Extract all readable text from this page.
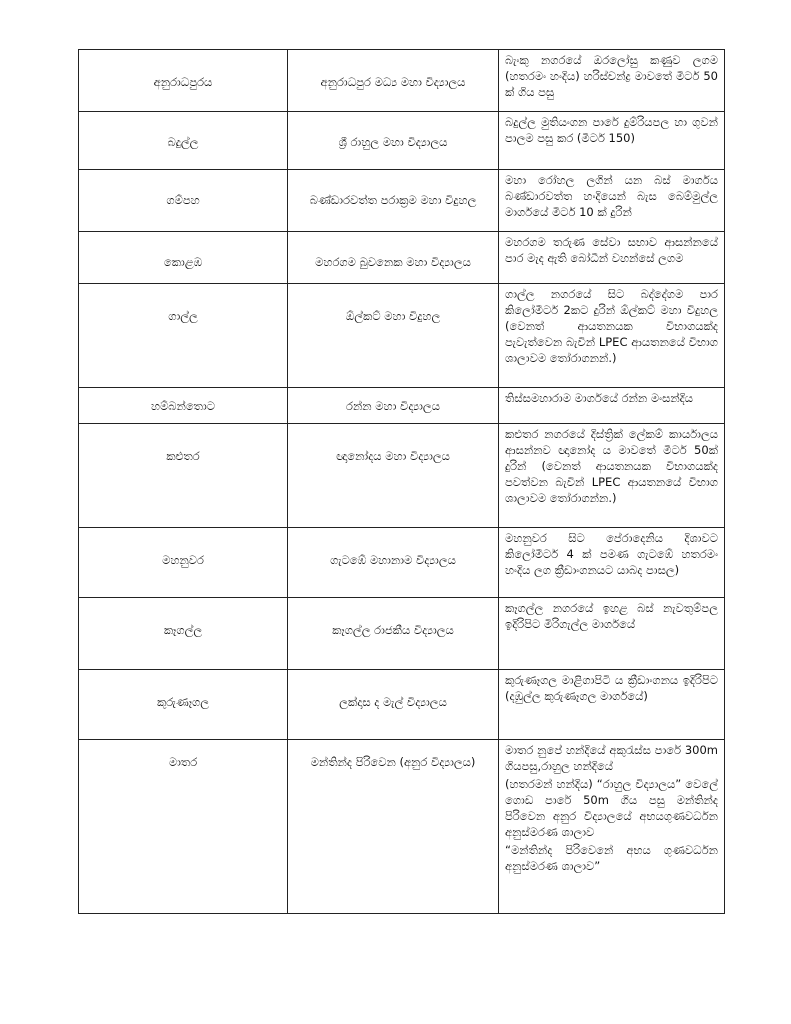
අනුරාධපුරය	අනුරාධපුර මධ්‍ය මහා විද්‍යාලය	බැංකු නගරයේ ඔරලෝසු කණුව ලගම (හතරමං හංදිය) හරිස්චන්ද්‍ර මාවතේ මීටර් 50 ක් ගිය පසු

බදුල්ල	ශ්‍රී රාහුල මහා විද්‍යාලය	බදුල්ල මුතියංගන පාරේ දුම්රියපල හා ගුවන් පාලම පසු කර (මීටර් 150)

ගම්පහ	බණ්ඩාරවත්ත පරාක්‍රම මහා විදුහල	මහා රෝහල ලගින් යන බස් මාර්ගය බණ්ඩාරවත්ත හංදියෙන් බැස බෙම්මුල්ල මාර්ගයේ මීටර් 10 ක් දුරින්

කොළඹ	මහරගම බුවනෙක මහා විද්‍යාලය	මහරගම තරුණ සේවා සභාව ආසන්නයේ පාර මැද ඇති බෝධීන් වහන්සේ ලගම

ගාල්ල	ඕල්කට් මහා විදුහල	ගාල්ල නගරයේ සිට බද්දේගම පාර කිලෝමීටර් 2කට දුරින් ඕල්කට් මහා විදුහල (වෙනත් ආයතනයක විභාගයක්ද පැවැත්වෙන බැවින් LPEC ආයතනයේ විභාග ශාලාවම තෝරාගනන්.)

හම්බන්තොට	රන්න මහා විද්‍යාලය	තිස්සමහාරාම මාර්ගයේ රන්න මංසන්දිය

කළුතර	ඥානෝදය මහා විද්‍යාලය	කළුතර නගරයේ දිස්ත්‍රික් ලේකම් කාර්යාලය ආසන්නව ඥානෝද ය මාවතේ මීටර් 50ක් දුරින් (වෙනත් ආයතනයක විභාගයක්ද පවත්වන බැවින් LPEC ආයතනයේ විභාග ශාලාවම තෝරාගන්න.)

මහනුවර	ගැටඹේ මහානාම විද්‍යාලය	මහනුවර සිට පේරාදෙනිය දිශාවට කිලෝමීටර් 4 ක් පමණ ගැටඹේ හතරමං හංදිය ලග ක්‍රීඩාංගනයට යාබද පාසල)

කෑගල්ල	කෑගල්ල රාජකීය විද්‍යාලය	කෑගල්ල නගරයේ ඉහළ බස් නැවතුම්පල ඉදිරිපිට මිරිගැල්ල මාර්ගයේ

කුරුණෑගල	ලක්දාස ද මැල් විද්‍යාලය	කුරුණෑගල මාළිගාපිටි ය ක්‍රීඩාංගනය ඉදිරිපිට (දඹුල්ල කුරුණෑගල මාර්ගයේ)

මාතර	මන්තින්ද පිරිවෙන (අනුර විද්‍යාලය)	මාතර නුපේ හන්දියේ අකුරැස්ස පාරේ 300m ගියපසු,රාහුල හන්දියේ
(හතරමන් හන්දිය) “රාහුල විද්‍යාලය” වෙලේ ගොඩ පාරේ 50m ගිය පසු මන්තින්ද පිරිවෙන අනුර විද්‍යාලයේ අභයගුණවර්ධන අනුස්මරණ ශාලාව
“මන්තින්ද පිරිවෙනේ අභය ගුණවර්ධන අනුස්මරණ ශාලාව”
